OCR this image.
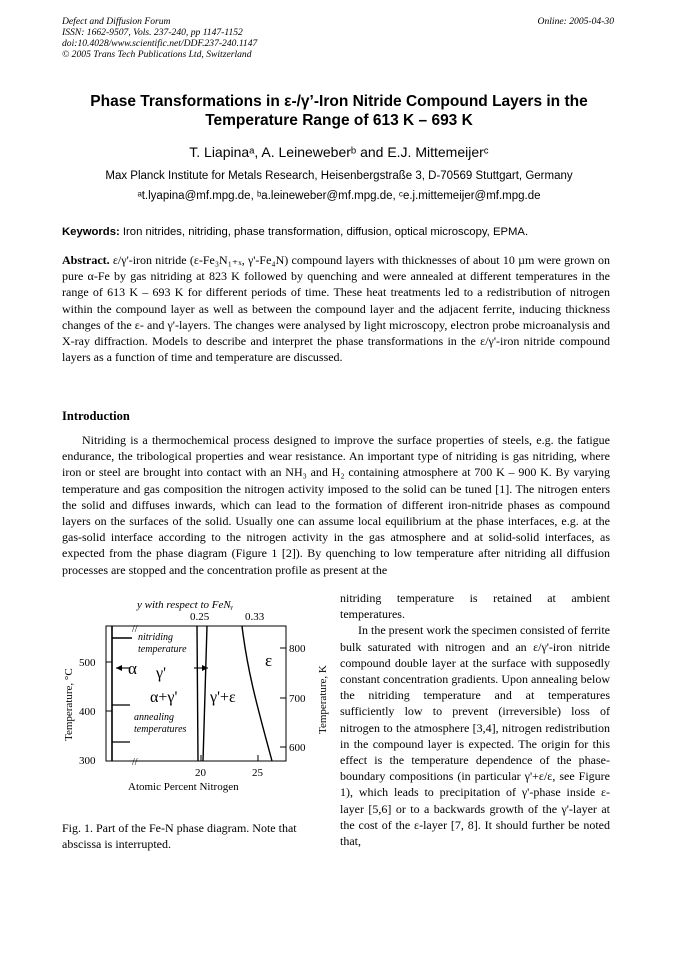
Defect and Diffusion Forum
ISSN: 1662-9507, Vols. 237-240, pp 1147-1152
doi:10.4028/www.scientific.net/DDF.237-240.1147
© 2005 Trans Tech Publications Ltd, Switzerland
Online: 2005-04-30
Phase Transformations in ε-/γ’-Iron Nitride Compound Layers in the Temperature Range of 613 K – 693 K
T. Liapinaᵃ, A. Leineweberᵇ and E.J. Mittemeijerᶜ
Max Planck Institute for Metals Research, Heisenbergstraße 3, D-70569 Stuttgart, Germany
ᵃt.lyapina@mf.mpg.de, ᵇa.leineweber@mf.mpg.de, ᶜe.j.mittemeijer@mf.mpg.de
Keywords: Iron nitrides, nitriding, phase transformation, diffusion, optical microscopy, EPMA.
Abstract. ε/γ'-iron nitride (ε-Fe₃N₁₊ₓ, γ'-Fe₄N) compound layers with thicknesses of about 10 µm were grown on pure α-Fe by gas nitriding at 823 K followed by quenching and were annealed at different temperatures in the range of 613 K – 693 K for different periods of time. These heat treatments led to a redistribution of nitrogen within the compound layer as well as between the compound layer and the adjacent ferrite, inducing thickness changes of the ε- and γ'-layers. The changes were analysed by light microscopy, electron probe microanalysis and X-ray diffraction. Models to describe and interpret the phase transformations in the ε/γ'-iron nitride compound layers as a function of time and temperature are discussed.
Introduction
Nitriding is a thermochemical process designed to improve the surface properties of steels, e.g. the fatigue endurance, the tribological properties and wear resistance. An important type of nitriding is gas nitriding, where iron or steel are brought into contact with an NH₃ and H₂ containing atmosphere at 700 K – 900 K. By varying temperature and gas composition the nitrogen activity imposed to the solid can be tuned [1]. The nitrogen enters the solid and diffuses inwards, which can lead to the formation of different iron-nitride phases as compound layers on the surfaces of the solid. Usually one can assume local equilibrium at the phase interfaces, e.g. at the gas-solid interface according to the nitrogen activity in the gas atmosphere and at solid-solid interfaces, as expected from the phase diagram (Figure 1 [2]). By quenching to low temperature after nitriding all diffusion processes are stopped and the concentration profile as present at the

nitriding temperature is retained at ambient temperatures.

In the present work the specimen consisted of ferrite bulk saturated with nitrogen and an ε/γ'-iron nitride compound double layer at the surface with supposedly constant concentration gradients. Upon annealing below the nitriding temperature and at temperatures sufficiently low to prevent (irreversible) loss of nitrogen to the atmosphere [3,4], nitrogen redistribution in the compound layer is expected. The origin for this effect is the temperature dependence of the phase-boundary compositions (in particular γ'+ε/ε, see Figure 1), which leads to precipitation of γ'-phase inside ε-layer [5,6] or to a backwards growth of the γ'-layer at the cost of the ε-layer [7, 8]. It should further be noted that,

y with respect to FeNᵧ
0.25	0.33
500
400
300
800
700
600
Temperature, °C	Temperature, K
//
//
nitriding
temperature
annealing
temperatures
α γ'
α+γ' γ'+ε
ε
20	25
Atomic Percent Nitrogen
Fig. 1. Part of the Fe-N phase diagram. Note that abscissa is interrupted.
